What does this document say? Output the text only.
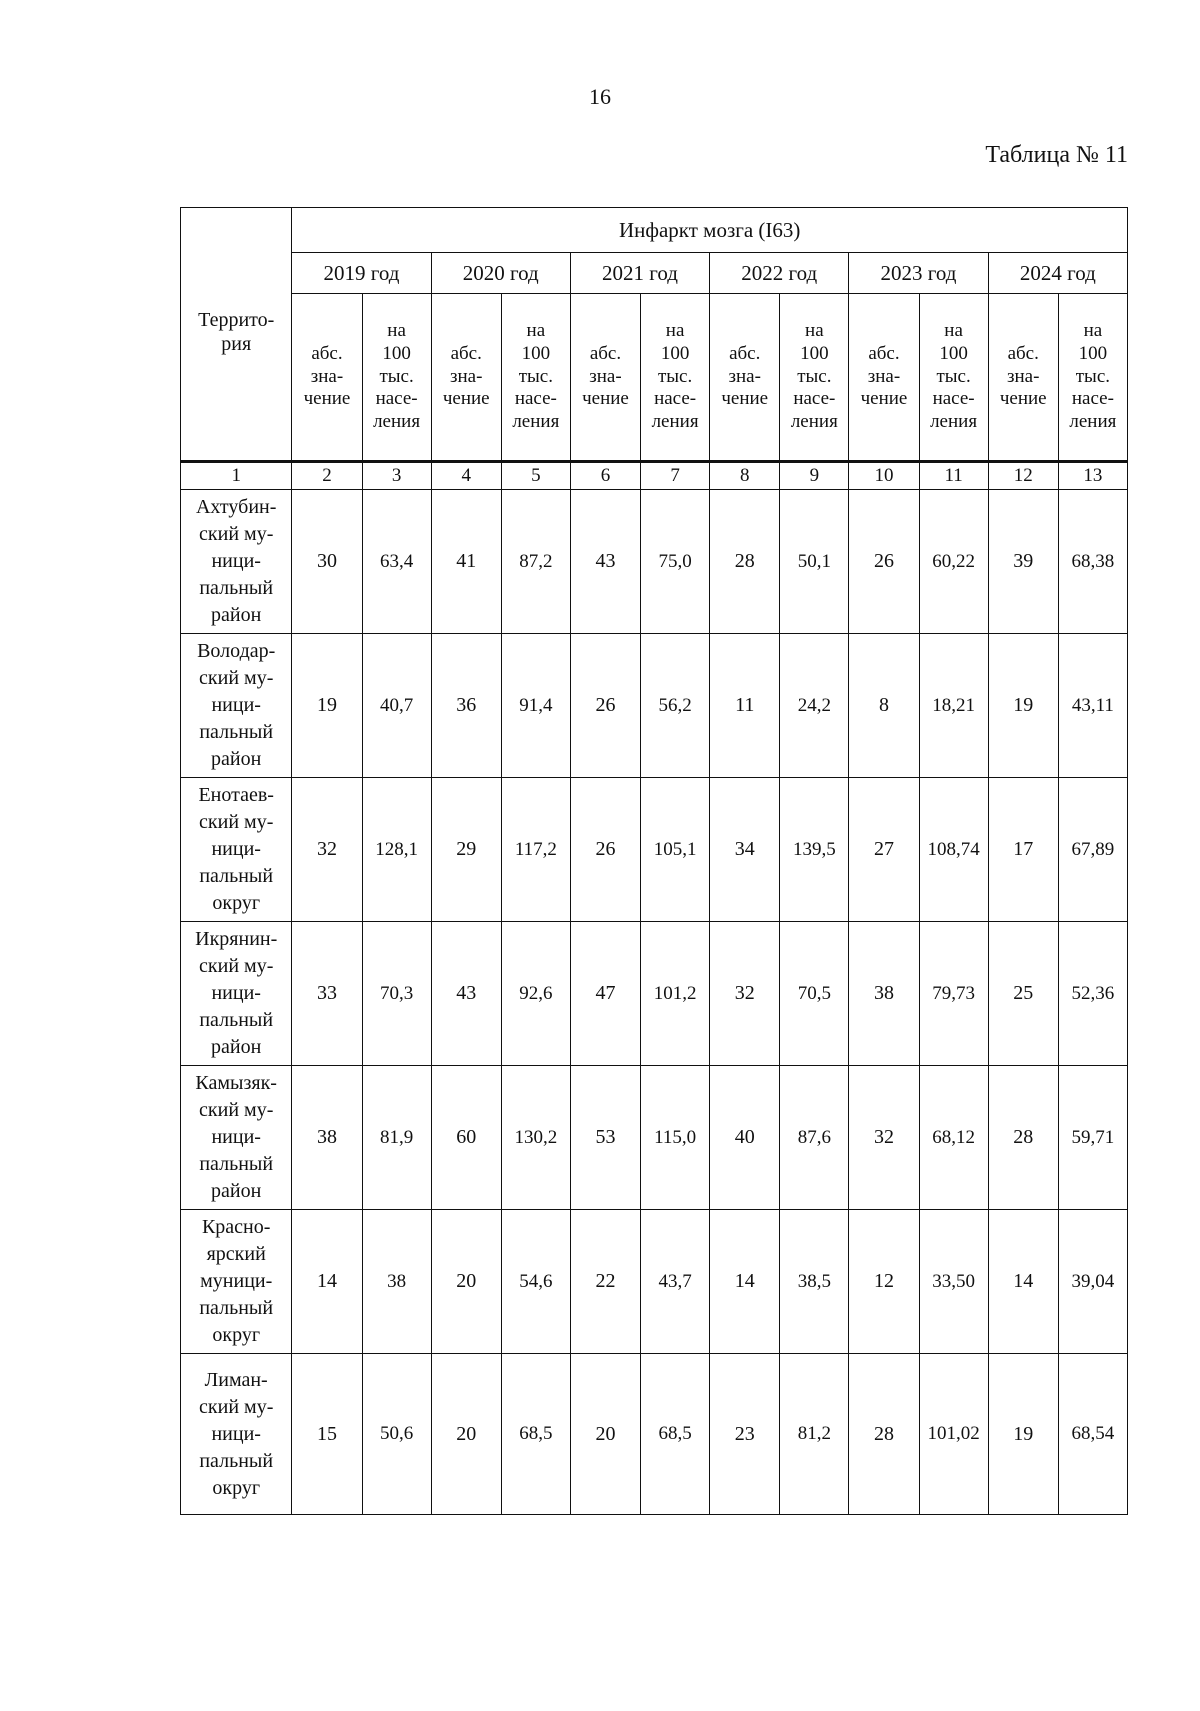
16
Таблица № 11
Террито-
рия	Инфаркт мозга (I63)											
	2019 год		2020 год		2021 год		2022 год		2023 год		2024 год	
	абс.
зна-
чение	на
100
тыс.
насе-
ления	абс.
зна-
чение	на
100
тыс.
насе-
ления	абс.
зна-
чение	на
100
тыс.
насе-
ления	абс.
зна-
чение	на
100
тыс.
насе-
ления	абс.
зна-
чение	на
100
тыс.
насе-
ления	абс.
зна-
чение	на
100
тыс.
насе-
ления
1	2	3	4	5	6	7	8	9	10	11	12	13
Ахтубин-
ский му-
ници-
пальный
район	30	63,4	41	87,2	43	75,0	28	50,1	26	60,22	39	68,38
Володар-
ский му-
ници-
пальный
район	19	40,7	36	91,4	26	56,2	11	24,2	8	18,21	19	43,11
Енотаев-
ский му-
ници-
пальный
округ	32	128,1	29	117,2	26	105,1	34	139,5	27	108,74	17	67,89
Икрянин-
ский му-
ници-
пальный
район	33	70,3	43	92,6	47	101,2	32	70,5	38	79,73	25	52,36
Камызяк-
ский му-
ници-
пальный
район	38	81,9	60	130,2	53	115,0	40	87,6	32	68,12	28	59,71
Красно-
ярский
муници-
пальный
округ	14	38	20	54,6	22	43,7	14	38,5	12	33,50	14	39,04
Лиман-
ский му-
ници-
пальный
округ	15	50,6	20	68,5	20	68,5	23	81,2	28	101,02	19	68,54
